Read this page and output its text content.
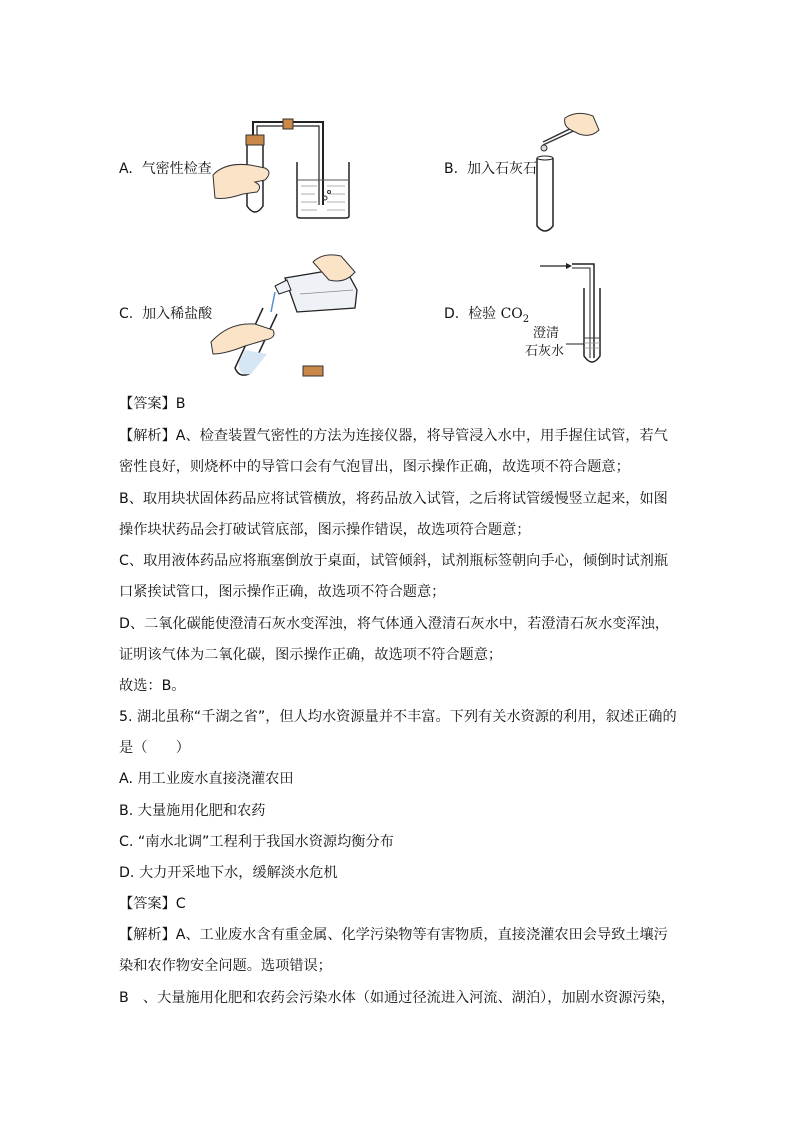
A. 气密性检查	B. 加入石灰石
C. 加入稀盐酸	D. 检验 $CO_2$
澄清
石灰水
【答案】B
【解析】A、检查装置气密性的方法为连接仪器，将导管浸入水中，用手握住试管，若气
密性良好，则烧杯中的导管口会有气泡冒出，图示操作正确，故选项不符合题意；
B、取用块状固体药品应将试管横放，将药品放入试管，之后将试管缓慢竖立起来，如图
操作块状药品会打破试管底部，图示操作错误，故选项符合题意；
C、取用液体药品应将瓶塞倒放于桌面，试管倾斜，试剂瓶标签朝向手心，倾倒时试剂瓶
口紧挨试管口，图示操作正确，故选项不符合题意；
D、二氧化碳能使澄清石灰水变浑浊，将气体通入澄清石灰水中，若澄清石灰水变浑浊，
证明该气体为二氧化碳，图示操作正确，故选项不符合题意；
故选：B。
5. 湖北虽称“千湖之省”，但人均水资源量并不丰富。下列有关水资源的利用，叙述正确的
是（　　）
A. 用工业废水直接浇灌农田
B. 大量施用化肥和农药
C. “南水北调”工程利于我国水资源均衡分布
D. 大力开采地下水，缓解淡水危机
【答案】C
【解析】A、工业废水含有重金属、化学污染物等有害物质，直接浇灌农田会导致土壤污
染和农作物安全问题。选项错误；
B　、大量施用化肥和农药会污染水体（如通过径流进入河流、湖泊），加剧水资源污染，
